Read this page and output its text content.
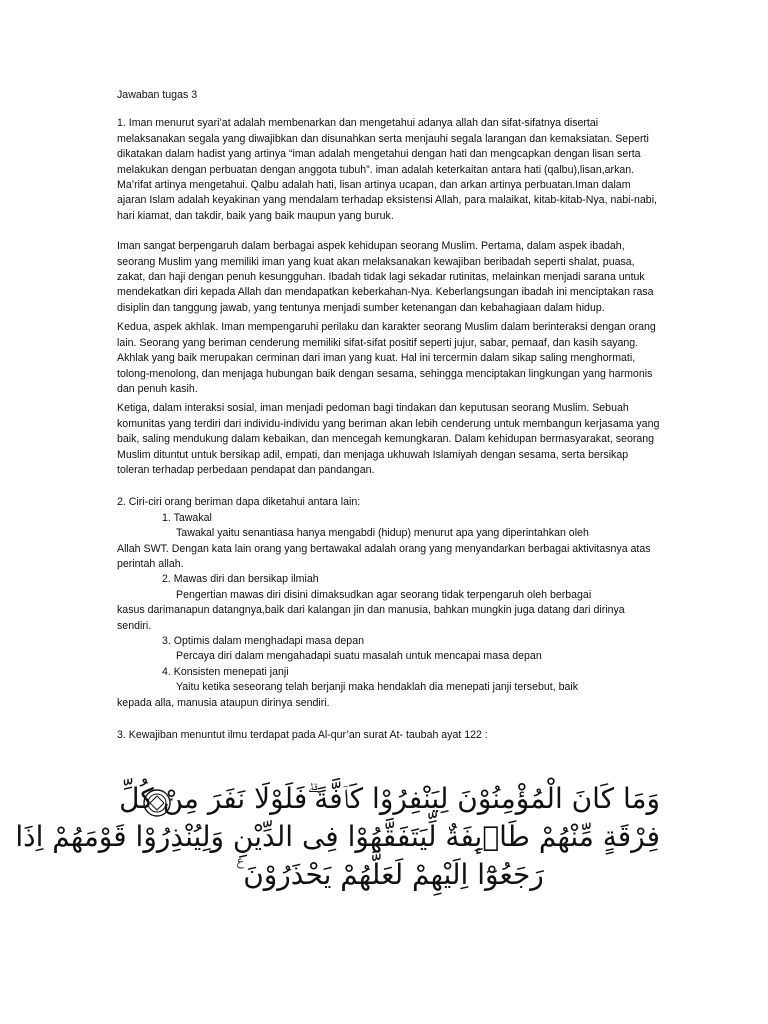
Jawaban tugas 3

1. Iman menurut syari’at adalah membenarkan dan mengetahui adanya allah dan sifat-sifatnya disertai melaksanakan segala yang diwajibkan dan disunahkan serta menjauhi segala larangan dan kemaksiatan. Seperti dikatakan dalam hadist yang artinya “iman adalah mengetahui dengan hati dan mengcapkan dengan lisan serta melakukan dengan perbuatan dengan anggota tubuh”. iman adalah keterkaitan antara hati (qalbu),lisan,arkan. Ma’rifat artinya mengetahui. Qalbu adalah hati, lisan artinya ucapan, dan arkan artinya perbuatan.Iman dalam ajaran Islam adalah keyakinan yang mendalam terhadap eksistensi Allah, para malaikat, kitab-kitab-Nya, nabi-nabi, hari kiamat, dan takdir, baik yang baik maupun yang buruk.

Iman sangat berpengaruh dalam berbagai aspek kehidupan seorang Muslim. Pertama, dalam aspek ibadah, seorang Muslim yang memiliki iman yang kuat akan melaksanakan kewajiban beribadah seperti shalat, puasa, zakat, dan haji dengan penuh kesungguhan. Ibadah tidak lagi sekadar rutinitas, melainkan menjadi sarana untuk mendekatkan diri kepada Allah dan mendapatkan keberkahan-Nya. Keberlangsungan ibadah ini menciptakan rasa disiplin dan tanggung jawab, yang tentunya menjadi sumber ketenangan dan kebahagiaan dalam hidup.

Kedua, aspek akhlak. Iman mempengaruhi perilaku dan karakter seorang Muslim dalam berinteraksi dengan orang lain. Seorang yang beriman cenderung memiliki sifat-sifat positif seperti jujur, sabar, pemaaf, dan kasih sayang. Akhlak yang baik merupakan cerminan dari iman yang kuat. Hal ini tercermin dalam sikap saling menghormati, tolong-menolong, dan menjaga hubungan baik dengan sesama, sehingga menciptakan lingkungan yang harmonis dan penuh kasih.

Ketiga, dalam interaksi sosial, iman menjadi pedoman bagi tindakan dan keputusan seorang Muslim. Sebuah komunitas yang terdiri dari individu-individu yang beriman akan lebih cenderung untuk membangun kerjasama yang baik, saling mendukung dalam kebaikan, dan mencegah kemungkaran. Dalam kehidupan bermasyarakat, seorang Muslim dituntut untuk bersikap adil, empati, dan menjaga ukhuwah Islamiyah dengan sesama, serta bersikap toleran terhadap perbedaan pendapat dan pandangan.

2. Ciri-ciri orang beriman dapa diketahui antara lain:

1. Tawakal

Tawakal yaitu senantiasa hanya mengabdi (hidup) menurut apa yang diperintahkan oleh
Allah SWT. Dengan kata lain orang yang bertawakal adalah orang yang menyandarkan berbagai aktivitasnya atas perintah allah.

2. Mawas diri dan bersikap ilmiah

Pengertian mawas diri disini dimaksudkan agar seorang tidak terpengaruh oleh berbagai
kasus darimanapun datangnya,baik dari kalangan jin dan manusia, bahkan mungkin juga datang dari dirinya sendiri.

3. Optimis dalam menghadapi masa depan

Percaya diri dalam mengahadapi suatu masalah untuk mencapai masa depan

4. Konsisten menepati janji

Yaitu ketika seseorang telah berjanji maka hendaklah dia menepati janji tersebut, baik
kepada alla, manusia ataupun dirinya sendiri.

3. Kewajiban menuntut ilmu terdapat pada Al-qur’an surat At- taubah ayat 122 :

وَمَا كَانَ الْمُؤْمِنُوْنَ لِيَنْفِرُوْا كَاۤفَّةً ۗفَلَوْلَا نَفَرَ مِنْ كُلِّ
فِرْقَةٍ مِّنْهُمْ طَاۤىِٕفَةٌ لِّيَتَفَقَّهُوْا فِى الدِّيْنِ وَلِيُنْذِرُوْا قَوْمَهُمْ اِذَا
رَجَعُوْٓا اِلَيْهِمْ لَعَلَّهُمْ يَحْذَرُوْنَ ࣖ
